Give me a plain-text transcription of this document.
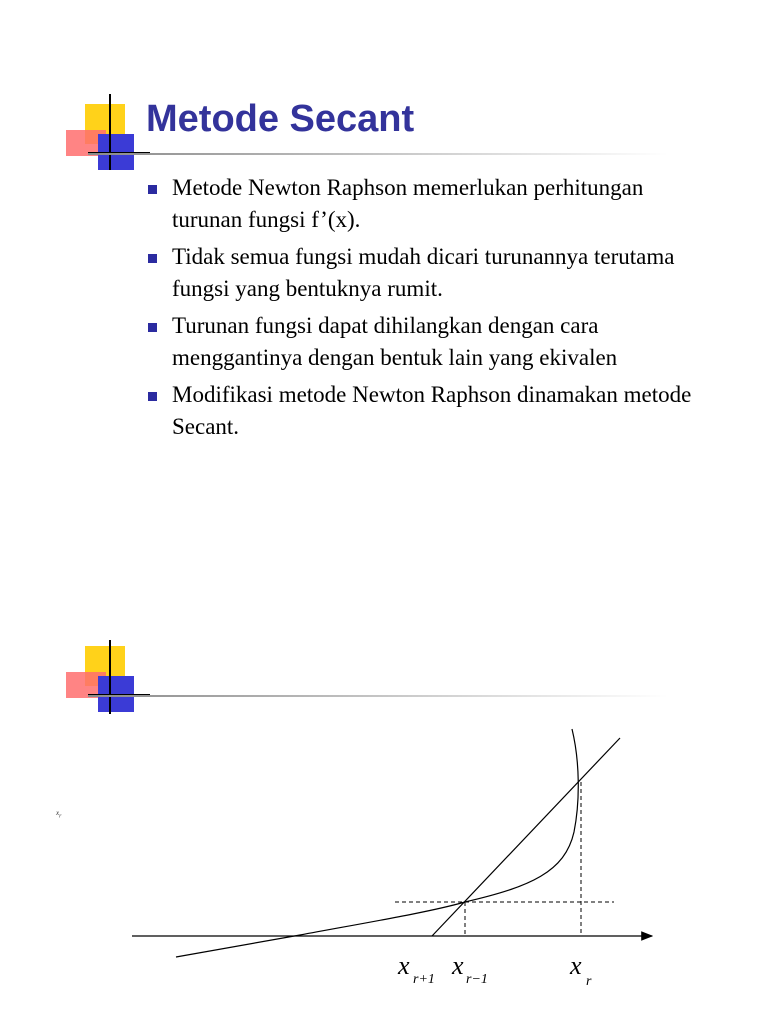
Metode Secant
Metode Newton Raphson memerlukan perhitungan turunan fungsi f’(x).
Tidak semua fungsi mudah dicari turunannya terutama fungsi yang bentuknya rumit.
Turunan fungsi dapat dihilangkan dengan cara menggantinya dengan bentuk lain yang ekivalen
Modifikasi metode Newton Raphson dinamakan metode Secant.
$x_r$
x r+1 x r−1	x
r
